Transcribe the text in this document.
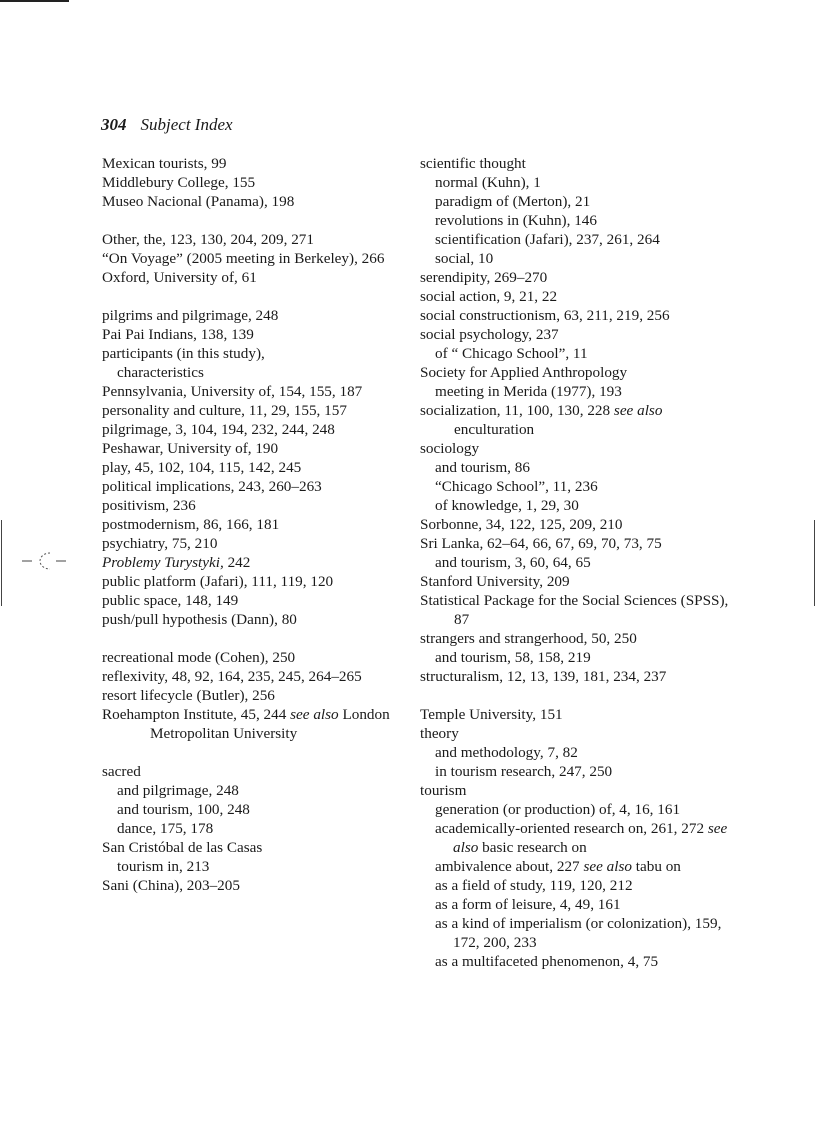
304 Subject Index
Mexican tourists, 99
Middlebury College, 155
Museo Nacional (Panama), 198
Other, the, 123, 130, 204, 209, 271
“On Voyage” (2005 meeting in Berkeley), 266
Oxford, University of, 61
pilgrims and pilgrimage, 248
Pai Pai Indians, 138, 139
participants (in this study),
characteristics
Pennsylvania, University of, 154, 155, 187
personality and culture, 11, 29, 155, 157
pilgrimage, 3, 104, 194, 232, 244, 248
Peshawar, University of, 190
play, 45, 102, 104, 115, 142, 245
political implications, 243, 260–263
positivism, 236
postmodernism, 86, 166, 181
psychiatry, 75, 210
Problemy Turystyki, 242
public platform (Jafari), 111, 119, 120
public space, 148, 149
push/pull hypothesis (Dann), 80
recreational mode (Cohen), 250
reflexivity, 48, 92, 164, 235, 245, 264–265
resort lifecycle (Butler), 256
Roehampton Institute, 45, 244 see also London Metropolitan University
sacred
and pilgrimage, 248
and tourism, 100, 248
dance, 175, 178
San Cristóbal de las Casas
tourism in, 213
Sani (China), 203–205
scientific thought
normal (Kuhn), 1
paradigm of (Merton), 21
revolutions in (Kuhn), 146
scientification (Jafari), 237, 261, 264
social, 10
serendipity, 269–270
social action, 9, 21, 22
social constructionism, 63, 211, 219, 256
social psychology, 237
of “ Chicago School”, 11
Society for Applied Anthropology
meeting in Merida (1977), 193
socialization, 11, 100, 130, 228 see also enculturation
sociology
and tourism, 86
“Chicago School”, 11, 236
of knowledge, 1, 29, 30
Sorbonne, 34, 122, 125, 209, 210
Sri Lanka, 62–64, 66, 67, 69, 70, 73, 75
and tourism, 3, 60, 64, 65
Stanford University, 209
Statistical Package for the Social Sciences (SPSS), 87
strangers and strangerhood, 50, 250
and tourism, 58, 158, 219
structuralism, 12, 13, 139, 181, 234, 237
Temple University, 151
theory
and methodology, 7, 82
in tourism research, 247, 250
tourism
generation (or production) of, 4, 16, 161
academically-oriented research on, 261, 272 see also basic research on
ambivalence about, 227 see also tabu on
as a field of study, 119, 120, 212
as a form of leisure, 4, 49, 161
as a kind of imperialism (or colonization), 159, 172, 200, 233
as a multifaceted phenomenon, 4, 75
